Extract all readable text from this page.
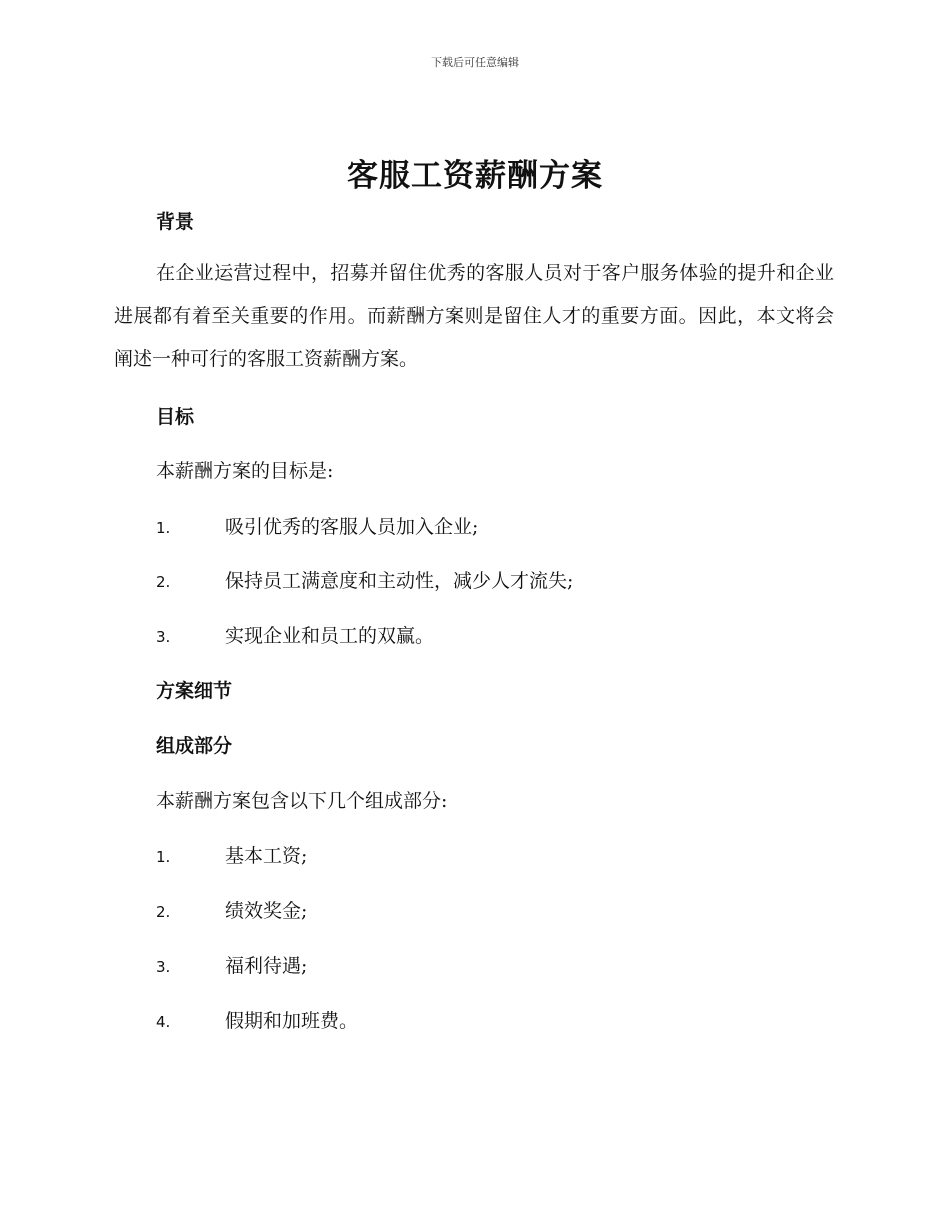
下载后可任意编辑
客服工资薪酬方案
背景
在企业运营过程中，招募并留住优秀的客服人员对于客户服务体验的提升和企业进展都有着至关重要的作用。而薪酬方案则是留住人才的重要方面。因此，本文将会阐述一种可行的客服工资薪酬方案。
目标
本薪酬方案的目标是:
1.	吸引优秀的客服人员加入企业;
2.	保持员工满意度和主动性，减少人才流失;
3.	实现企业和员工的双赢。
方案细节
组成部分
本薪酬方案包含以下几个组成部分:
1.	基本工资;
2.	绩效奖金;
3.	福利待遇;
4.	假期和加班费。
